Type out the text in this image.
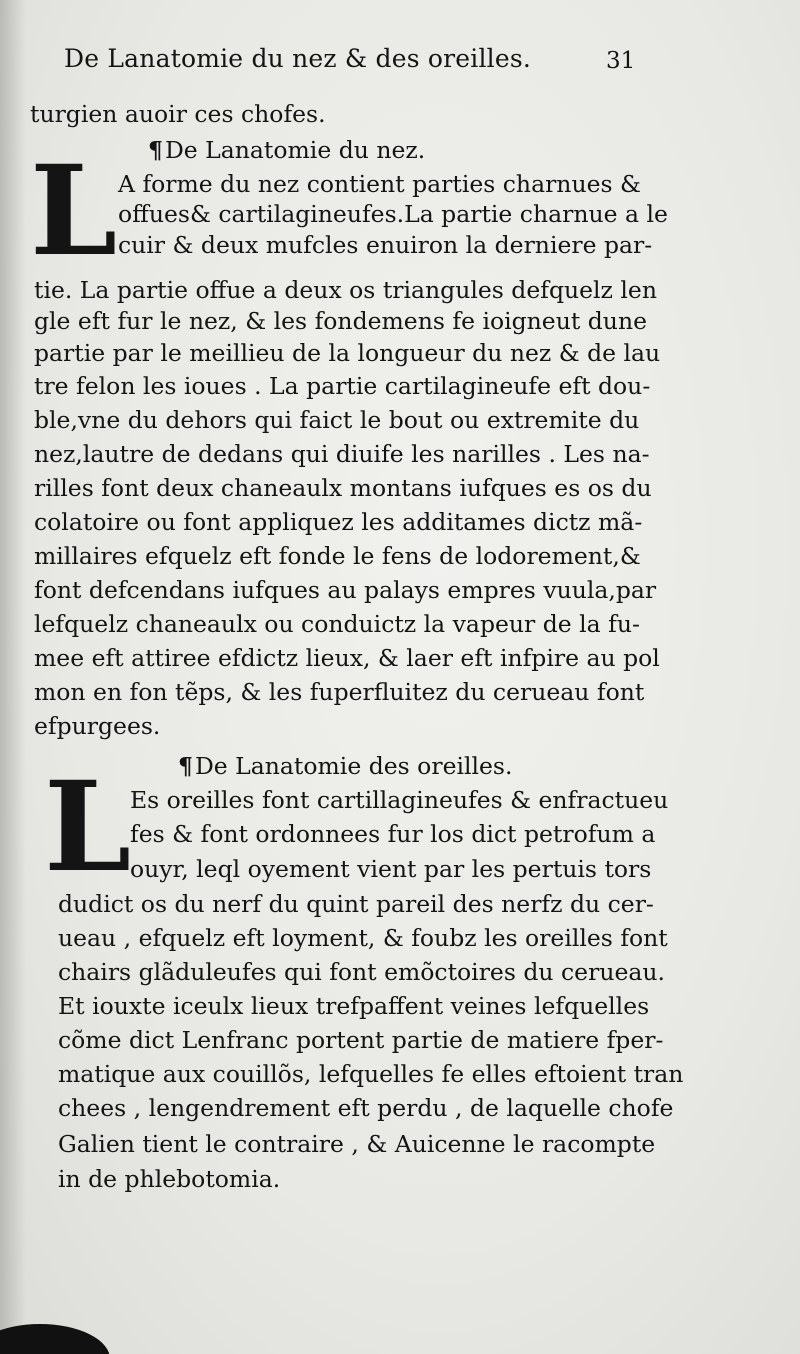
De Lanatomie du nez & des oreilles.	31
turgien auoir ces chofes.
¶De Lanatomie du nez.
L A forme du nez contient parties charnues &
offues& cartilagineufes.La partie charnue a le
cuir & deux mufcles enuiron la derniere par-
tie. La partie offue a deux os triangules defquelz len
gle eft fur le nez, & les fondemens fe ioigneut dune
partie par le meillieu de la longueur du nez & de lau
tre felon les ioues . La partie cartilagineufe eft dou-
ble,vne du dehors qui faict le bout ou extremite du
nez,lautre de dedans qui diuife les narilles . Les na-
rilles font deux chaneaulx montans iufques es os du
colatoire ou font appliquez les additames dictz mã-
millaires efquelz eft fonde le fens de lodorement,&
font defcendans iufques au palays empres vuula,par
lefquelz chaneaulx ou conduictz la vapeur de la fu-
mee eft attiree efdictz lieux, & laer eft infpire au pol
mon en fon tẽps, & les fuperfluitez du cerueau font
efpurgees.
¶De Lanatomie des oreilles.
L
Es oreilles font cartillagineufes & enfractueu
fes & font ordonnees fur los dict petrofum a
ouyr, leql oyement vient par les pertuis tors
dudict os du nerf du quint pareil des nerfz du cer-
ueau , efquelz eft loyment, & foubz les oreilles font
chairs glãduleufes qui font emõctoires du cerueau.
Et iouxte iceulx lieux trefpaffent veines lefquelles
cõme dict Lenfranc portent partie de matiere fper-
matique aux couillõs, lefquelles fe elles eftoient tran
chees , lengendrement eft perdu , de laquelle chofe
Galien tient le contraire , & Auicenne le racompte
in de phlebotomia.
